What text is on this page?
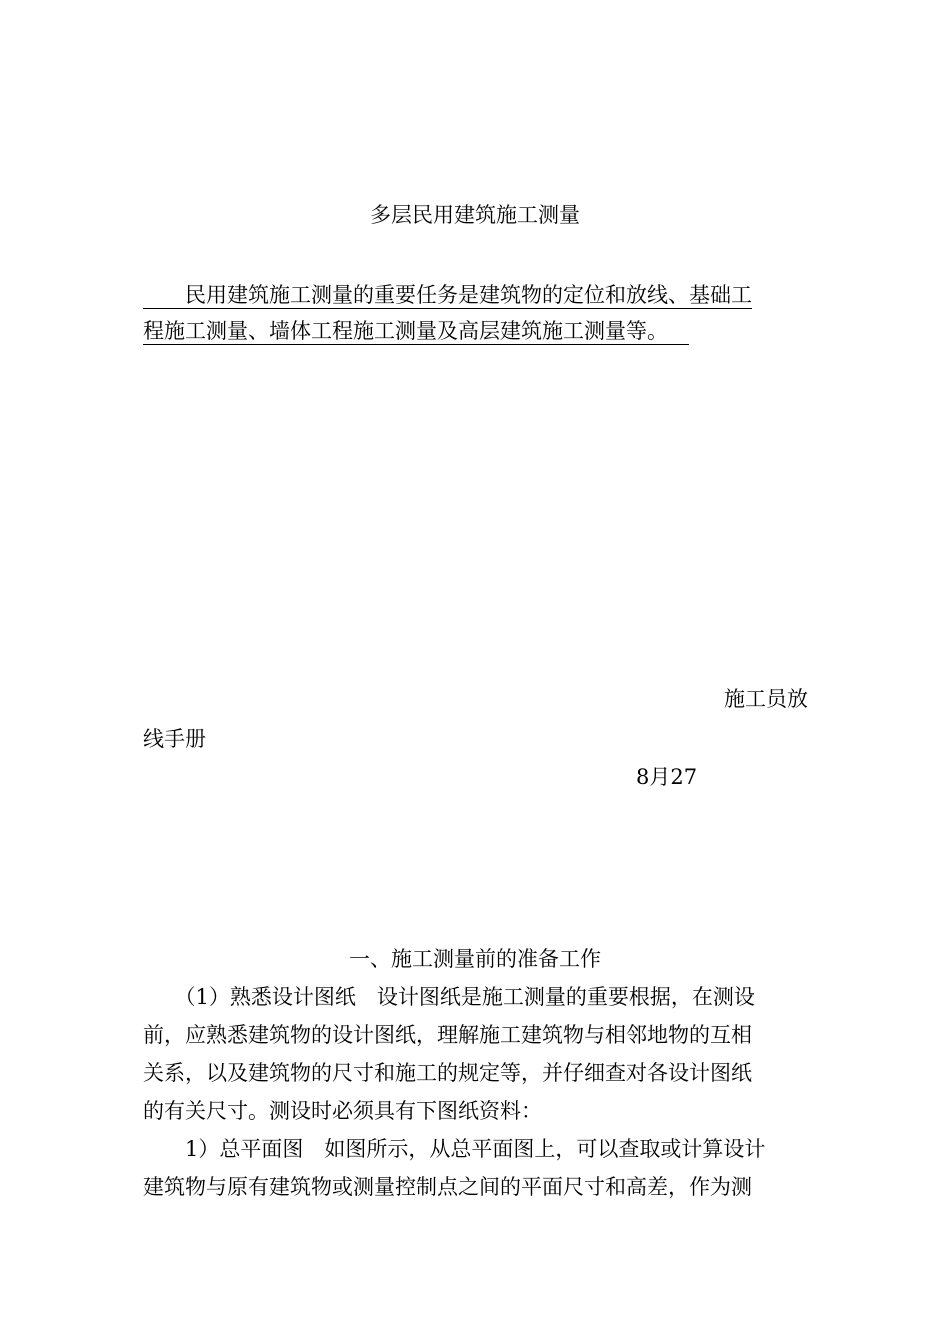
多层民用建筑施工测量
　　民用建筑施工测量的重要任务是建筑物的定位和放线、基础工
程施工测量、墙体工程施工测量及高层建筑施工测量等。 
施工员放
线手册
8月27
一、施工测量前的准备工作
　　（1）熟悉设计图纸　设计图纸是施工测量的重要根据，在测设
前，应熟悉建筑物的设计图纸，理解施工建筑物与相邻地物的互相
关系，以及建筑物的尺寸和施工的规定等，并仔细查对各设计图纸
的有关尺寸。测设时必须具有下图纸资料：
　　1）总平面图　如图所示，从总平面图上，可以查取或计算设计
建筑物与原有建筑物或测量控制点之间的平面尺寸和高差，作为测
